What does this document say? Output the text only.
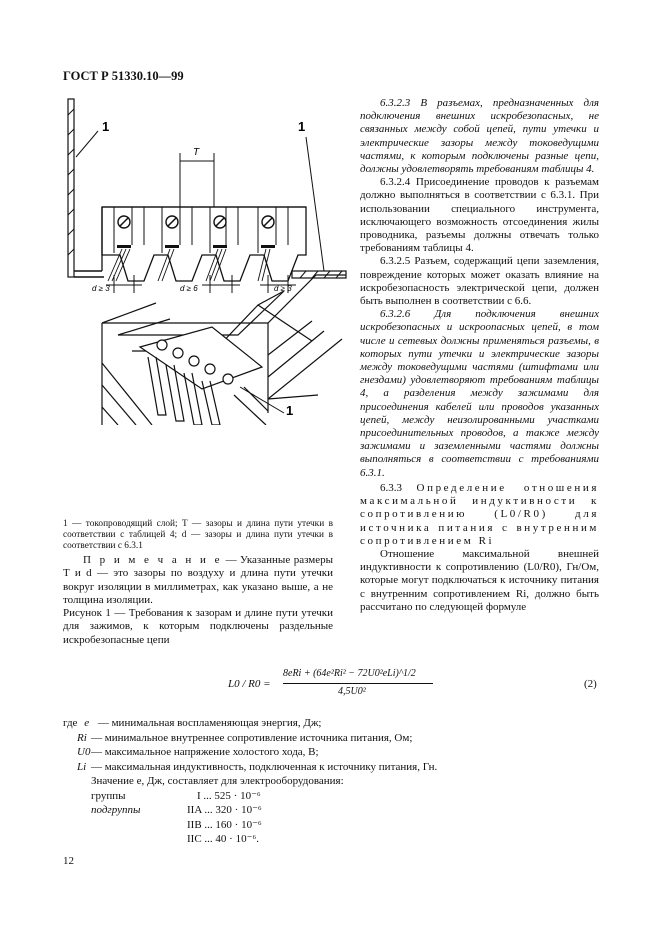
ГОСТ Р 51330.10—99
1	1
T
d ≥ 3	d ≥ 6	d ≥ 3
1
1 — токопроводящий слой; T — зазоры и длина пути утечки в соответствии с таблицей 4; d — зазоры и длина пути утечки в соответствии с 6.3.1
П р и м е ч а н и е — Указанные размеры T и d — это зазоры по воздуху и длина пути утечки вокруг изоляции в миллиметрах, как указано выше, а не толщина изоляции.
Рисунок 1 — Требования к зазорам и длине пути утечки для зажимов, к которым подключены раздельные искробезопасные цепи

6.3.2.3 В разъемах, предназначенных для подключения внешних искробезопасных, не связанных между собой цепей, пути утечки и электрические зазоры между токоведущими частями, к которым подключены разные цепи, должны удовлетворять требованиям таблицы 4.

6.3.2.4 Присоединение проводов к разъемам должно выполняться в соответствии с 6.3.1. При использовании специального инструмента, исключающего возможность отсоединения жилы проводника, разъемы должны отвечать только требованиям таблицы 4.

6.3.2.5 Разъем, содержащий цепи заземления, повреждение которых может оказать влияние на искробезопасность электрической цепи, должен быть выполнен в соответствии с 6.6.

6.3.2.6 Для подключения внешних искробезопасных и искроопасных цепей, в том числе и сетевых должны применяться разъемы, в которых пути утечки и электрические зазоры между токоведущими частями (штифтами или гнездами) удовлетворяют требованиям таблицы 4, а разделения между зажимами для присоединения кабелей или проводов указанных цепей, между неизолированными участками присоединительных проводов, а также между зажимами и заземленными частями должны выполняться в соответствии с требованиями 6.3.1.

6.3.3 Определение отношения максимальной индуктивности к сопротивлению (L0/R0) для источника питания с внутренним сопротивлением Ri

Отношение максимальной внешней индуктивности к сопротивлению (L0/R0), Гн/Ом, которые могут подключаться к источнику питания с внутренним сопротивлением Ri, должно быть рассчитано по следующей формуле

L0 / R0 =
8eRi + (64e²Ri² − 72U0²eLi)^1/2
4,5U0²
(2)
где e — минимальная воспламеняющая энергия, Дж;
Ri — минимальное внутреннее сопротивление источника питания, Ом;
U0 — максимальное напряжение холостого хода, В;
Li — максимальная индуктивность, подключенная к источнику питания, Гн.
Значение e, Дж, составляет для электрооборудования:
группы	I ... 525 · 10⁻⁶
подгруппы	IIA ... 320 · 10⁻⁶
IIB ... 160 · 10⁻⁶
IIC ... 40 · 10⁻⁶.
12
